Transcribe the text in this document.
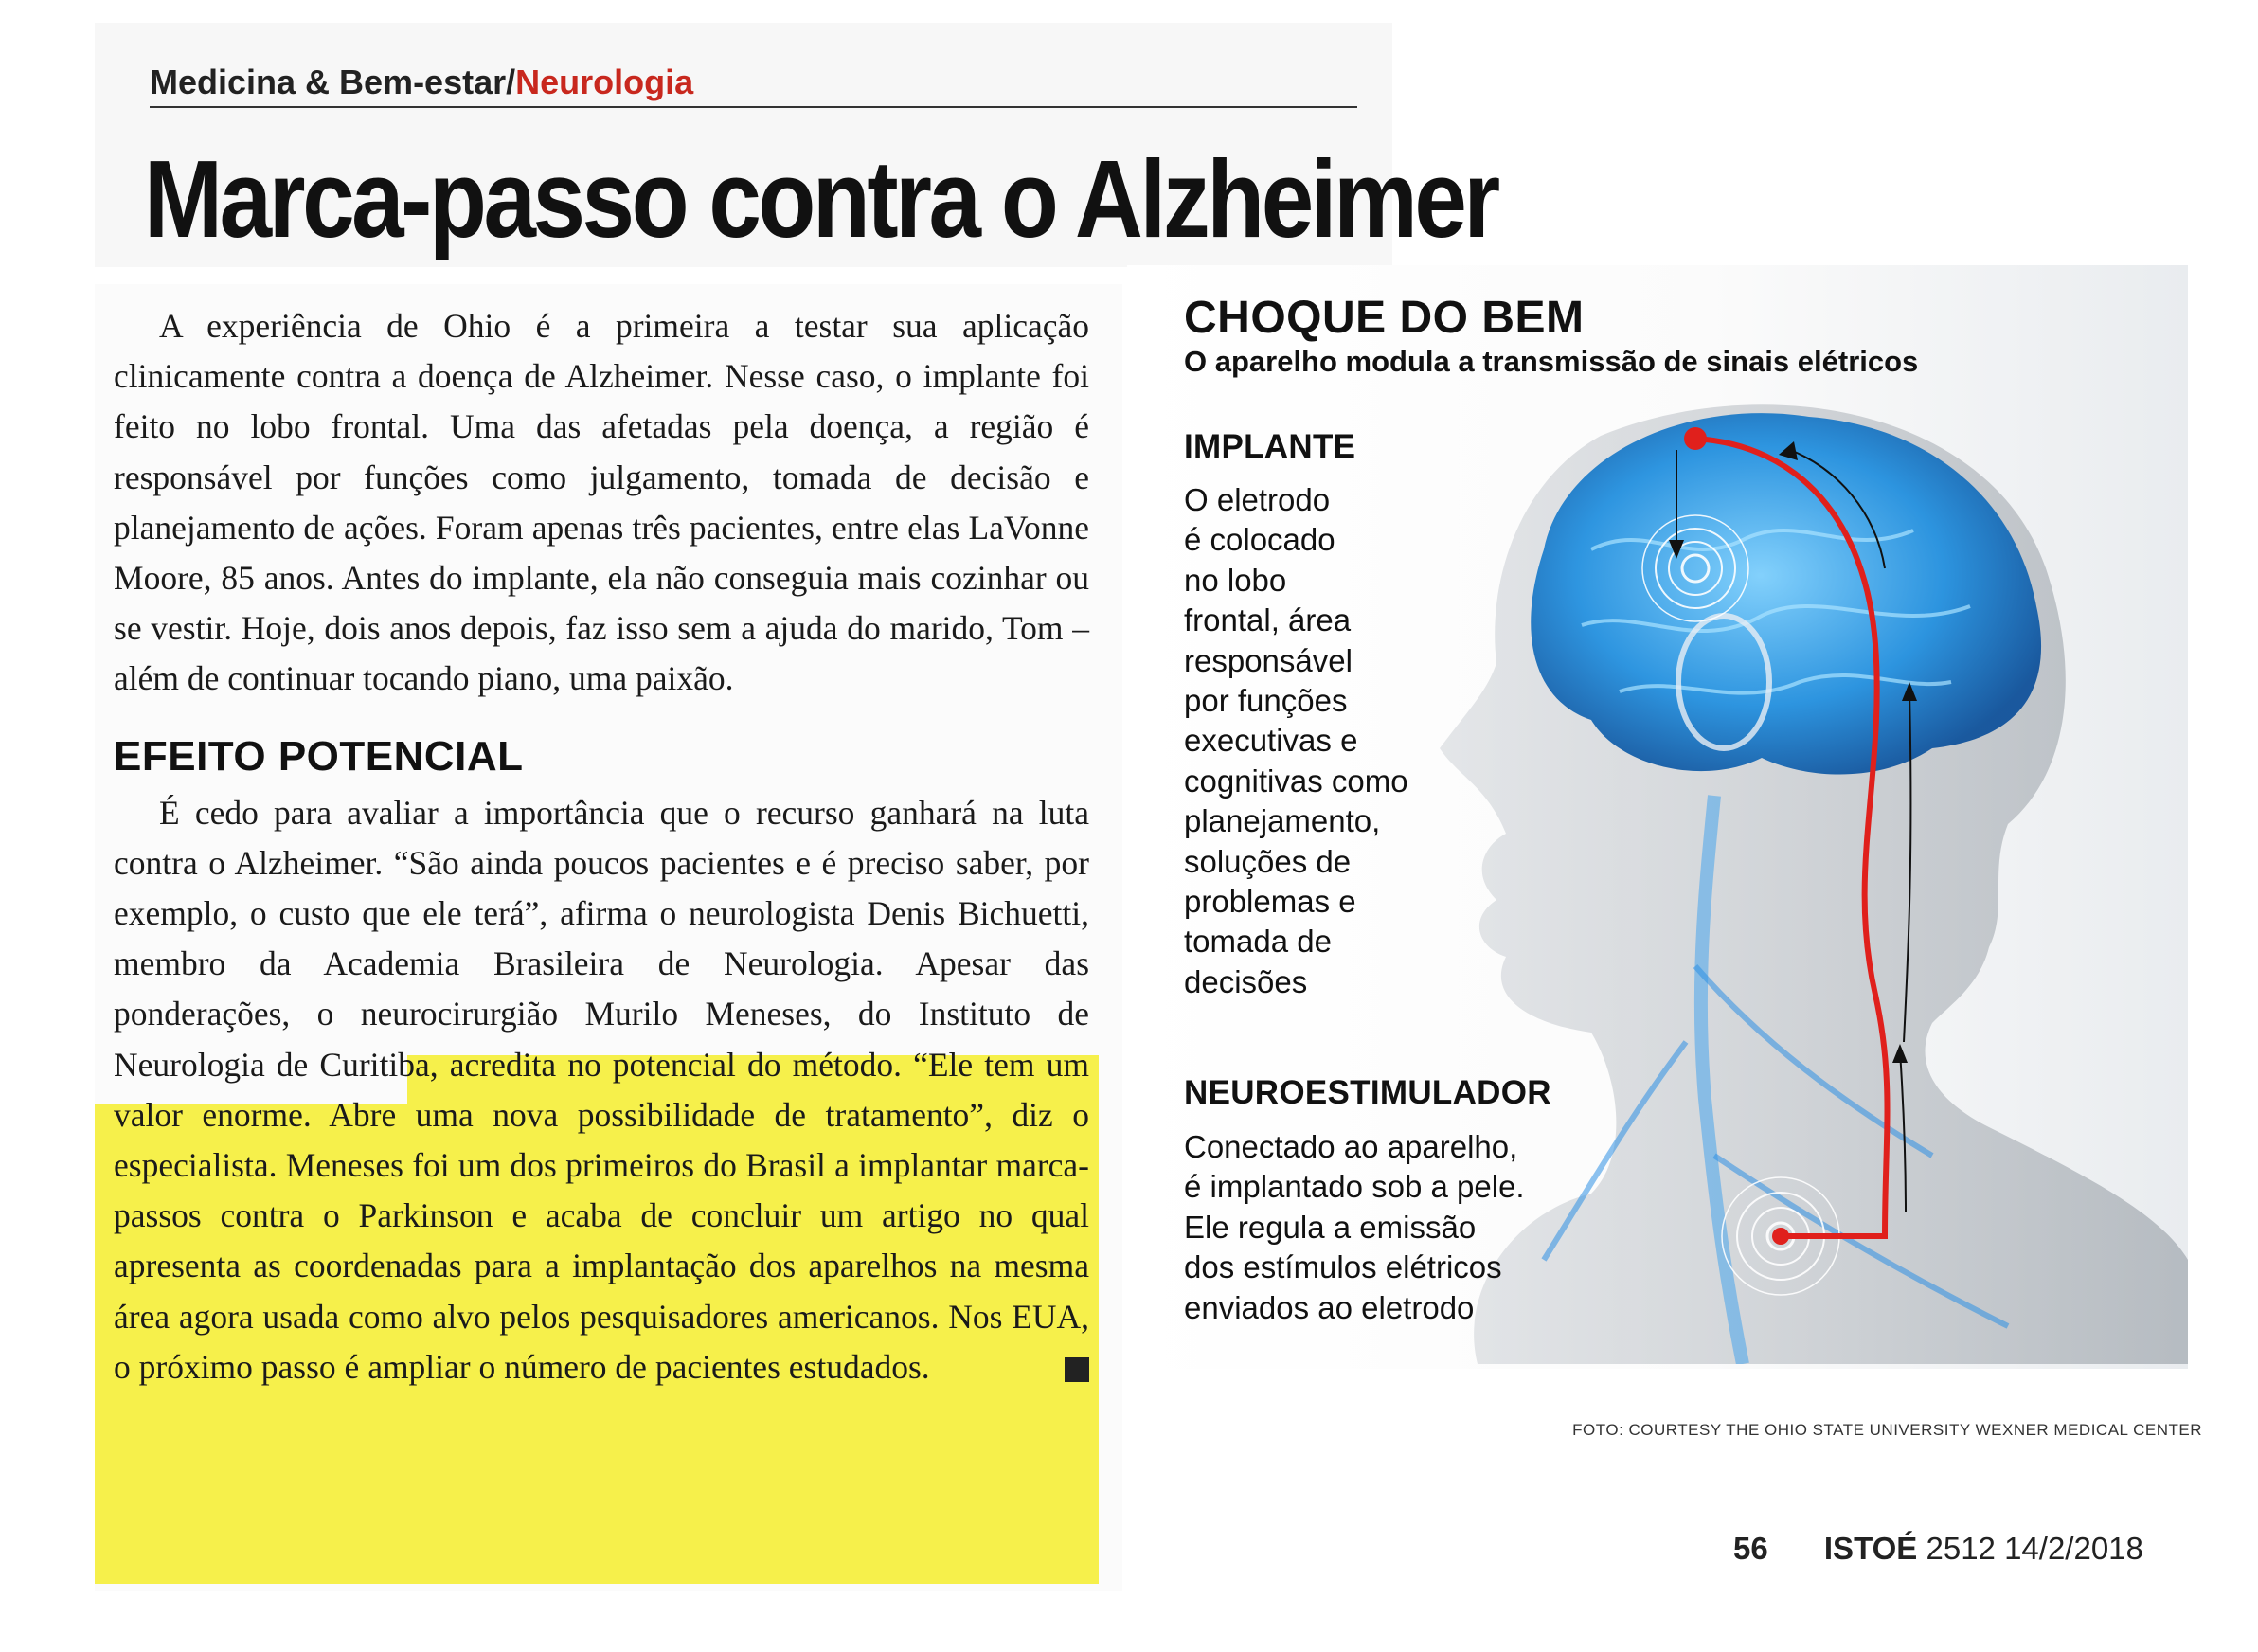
Medicina & Bem-estar/Neurologia
Marca-passo contra o Alzheimer

A experiência de Ohio é a primeira a testar sua aplicação clinicamente contra a doença de Alzheimer. Nesse caso, o implante foi feito no lobo frontal. Uma das afetadas pela doença, a região é responsável por funções como julgamento, tomada de decisão e planejamento de ações. Foram apenas três pacientes, entre elas LaVonne Moore, 85 anos. Antes do implante, ela não conseguia mais cozinhar ou se vestir. Hoje, dois anos depois, faz isso sem a ajuda do marido, Tom – além de continuar tocando piano, uma paixão.

EFEITO POTENCIAL

É cedo para avaliar a importância que o recurso ganhará na luta contra o Alzheimer. “São ainda poucos pacientes e é preciso saber, por exemplo, o custo que ele terá”, afirma o neurologista Denis Bichuetti, membro da Academia Brasileira de Neurologia. Apesar das ponderações, o neurocirurgião Murilo Meneses, do Instituto de Neurologia de Curitiba, acredita no potencial do método. “Ele tem um valor enorme. Abre uma nova possibilidade de tratamento”, diz o especialista. Meneses foi um dos primeiros do Brasil a implantar marca-passos contra o Parkinson e acaba de concluir um artigo no qual apresenta as coordenadas para a implantação dos aparelhos na mesma área agora usada como alvo pelos pesquisadores americanos. Nos EUA, o próximo passo é ampliar o número de pacientes estudados.

CHOQUE DO BEM
O aparelho modula a transmissão de sinais elétricos
IMPLANTE
O eletrodo
é colocado
no lobo
frontal, área
responsável
por funções
executivas e
cognitivas como
planejamento,
soluções de
problemas e
tomada de
decisões
NEUROESTIMULADOR
Conectado ao aparelho,
é implantado sob a pele.
Ele regula a emissão
dos estímulos elétricos
enviados ao eletrodo
FOTO: COURTESY THE OHIO STATE UNIVERSITY WEXNER MEDICAL CENTER
56 ISTOÉ 2512 14/2/2018
